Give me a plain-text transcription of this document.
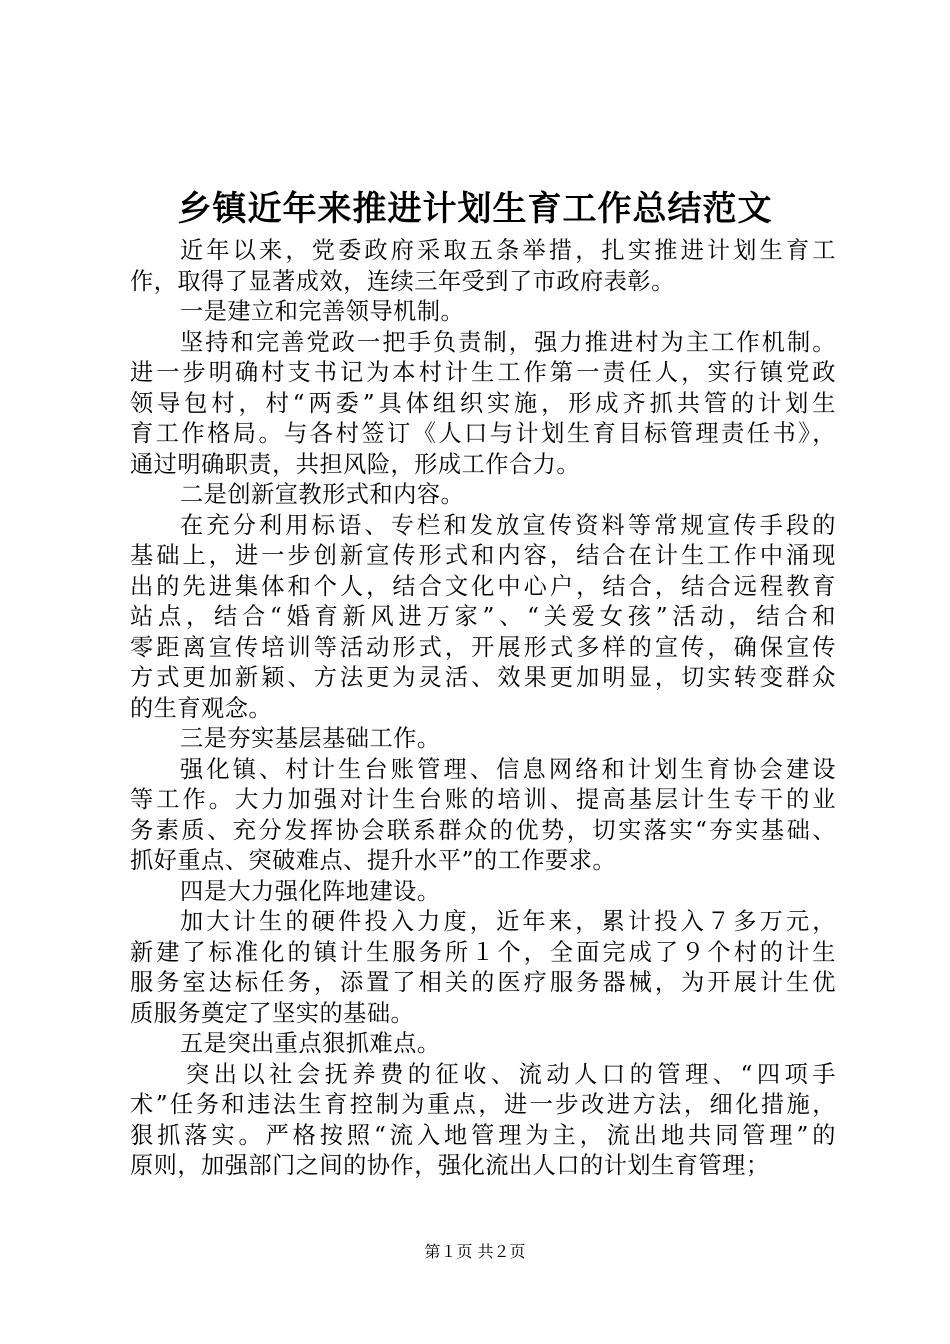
乡镇近年来推进计划生育工作总结范文
近年以来，党委政府采取五条举措，扎实推进计划生育工
作，取得了显著成效，连续三年受到了市政府表彰。
一是建立和完善领导机制。
坚持和完善党政一把手负责制，强力推进村为主工作机制。
进一步明确村支书记为本村计生工作第一责任人，实行镇党政
领导包村，村“两委”具体组织实施，形成齐抓共管的计划生
育工作格局。与各村签订《人口与计划生育目标管理责任书》，
通过明确职责，共担风险，形成工作合力。
二是创新宣教形式和内容。
在充分利用标语、专栏和发放宣传资料等常规宣传手段的
基础上，进一步创新宣传形式和内容，结合在计生工作中涌现
出的先进集体和个人，结合文化中心户，结合，结合远程教育
站点，结合“婚育新风进万家”、“关爱女孩”活动，结合和
零距离宣传培训等活动形式，开展形式多样的宣传，确保宣传
方式更加新颖、方法更为灵活、效果更加明显，切实转变群众
的生育观念。
三是夯实基层基础工作。
强化镇、村计生台账管理、信息网络和计划生育协会建设
等工作。大力加强对计生台账的培训、提高基层计生专干的业
务素质、充分发挥协会联系群众的优势，切实落实“夯实基础、
抓好重点、突破难点、提升水平”的工作要求。
四是大力强化阵地建设。
加大计生的硬件投入力度，近年来，累计投入７多万元，
新建了标准化的镇计生服务所１个，全面完成了９个村的计生
服务室达标任务，添置了相关的医疗服务器械，为开展计生优
质服务奠定了坚实的基础。
五是突出重点狠抓难点。
突出以社会抚养费的征收、流动人口的管理、“四项手
术”任务和违法生育控制为重点，进一步改进方法，细化措施，
狠抓落实。严格按照“流入地管理为主，流出地共同管理”的
原则，加强部门之间的协作，强化流出人口的计划生育管理；
第１页 共２页
